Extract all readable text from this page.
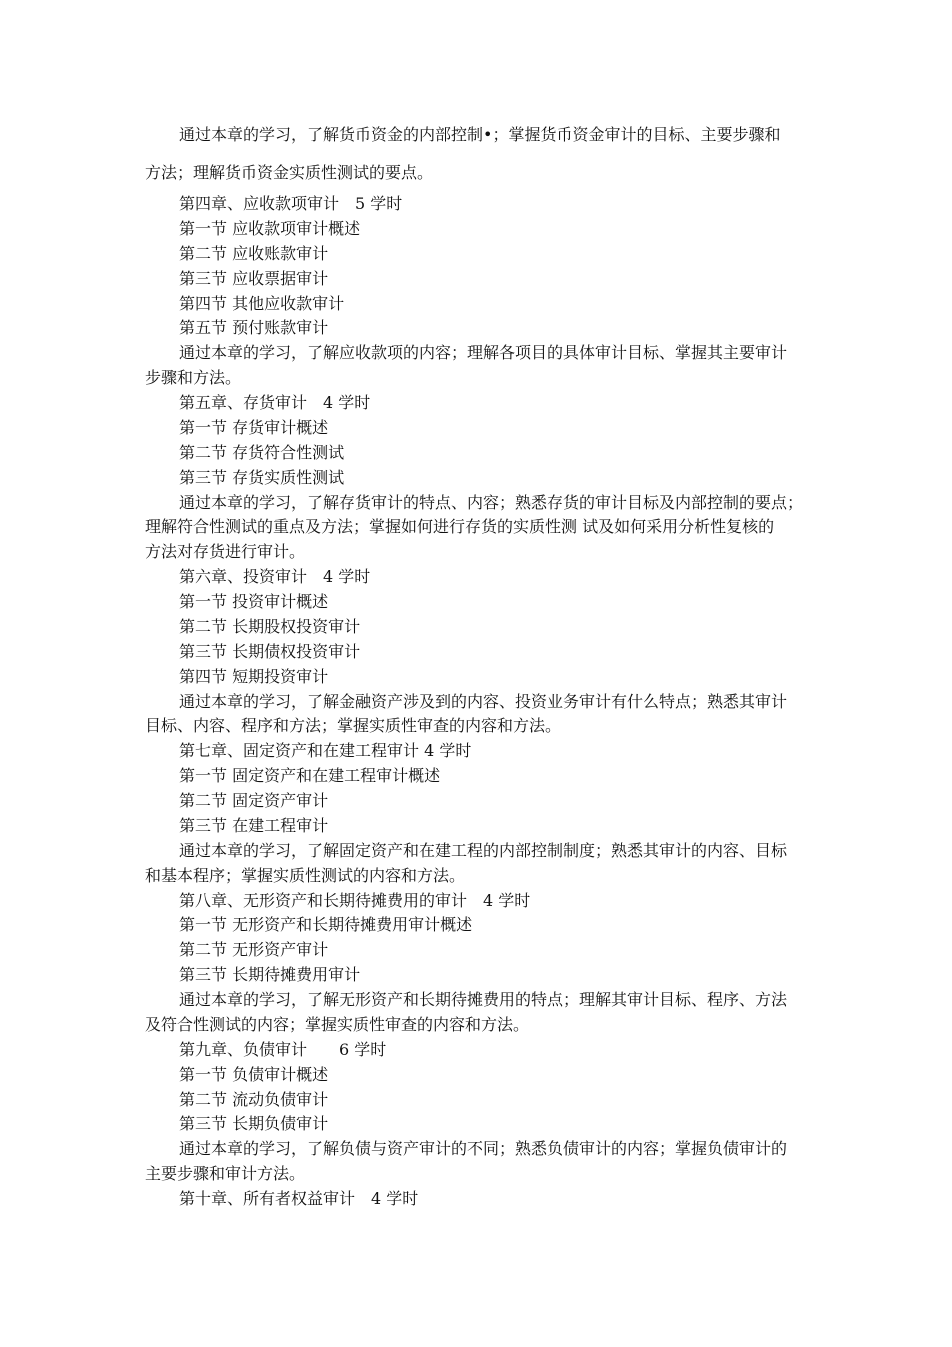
通过本章的学习，了解货币资金的内部控制•；掌握货币资金审计的目标、主要步骤和
方法；理解货币资金实质性测试的要点。
第四章、应收款项审计　5 学时
第一节 应收款项审计概述
第二节 应收账款审计
第三节 应收票据审计
第四节 其他应收款审计
第五节 预付账款审计
通过本章的学习，了解应收款项的内容；理解各项目的具体审计目标、掌握其主要审计
步骤和方法。
第五章、存货审计　4 学时
第一节 存货审计概述
第二节 存货符合性测试
第三节 存货实质性测试
通过本章的学习，了解存货审计的特点、内容；熟悉存货的审计目标及内部控制的要点；
理解符合性测试的重点及方法；掌握如何进行存货的实质性测 试及如何采用分析性复核的
方法对存货进行审计。
第六章、投资审计　4 学时
第一节 投资审计概述
第二节 长期股权投资审计
第三节 长期债权投资审计
第四节 短期投资审计
通过本章的学习，了解金融资产涉及到的内容、投资业务审计有什么特点；熟悉其审计
目标、内容、程序和方法；掌握实质性审查的内容和方法。
第七章、固定资产和在建工程审计 4 学时
第一节 固定资产和在建工程审计概述
第二节 固定资产审计
第三节 在建工程审计
通过本章的学习，了解固定资产和在建工程的内部控制制度；熟悉其审计的内容、目标
和基本程序；掌握实质性测试的内容和方法。
第八章、无形资产和长期待摊费用的审计　4 学时
第一节 无形资产和长期待摊费用审计概述
第二节 无形资产审计
第三节 长期待摊费用审计
通过本章的学习，了解无形资产和长期待摊费用的特点；理解其审计目标、程序、方法
及符合性测试的内容；掌握实质性审查的内容和方法。
第九章、负债审计　　6 学时
第一节 负债审计概述
第二节 流动负债审计
第三节 长期负债审计
通过本章的学习，了解负债与资产审计的不同；熟悉负债审计的内容；掌握负债审计的
主要步骤和审计方法。
第十章、所有者权益审计　4 学时
